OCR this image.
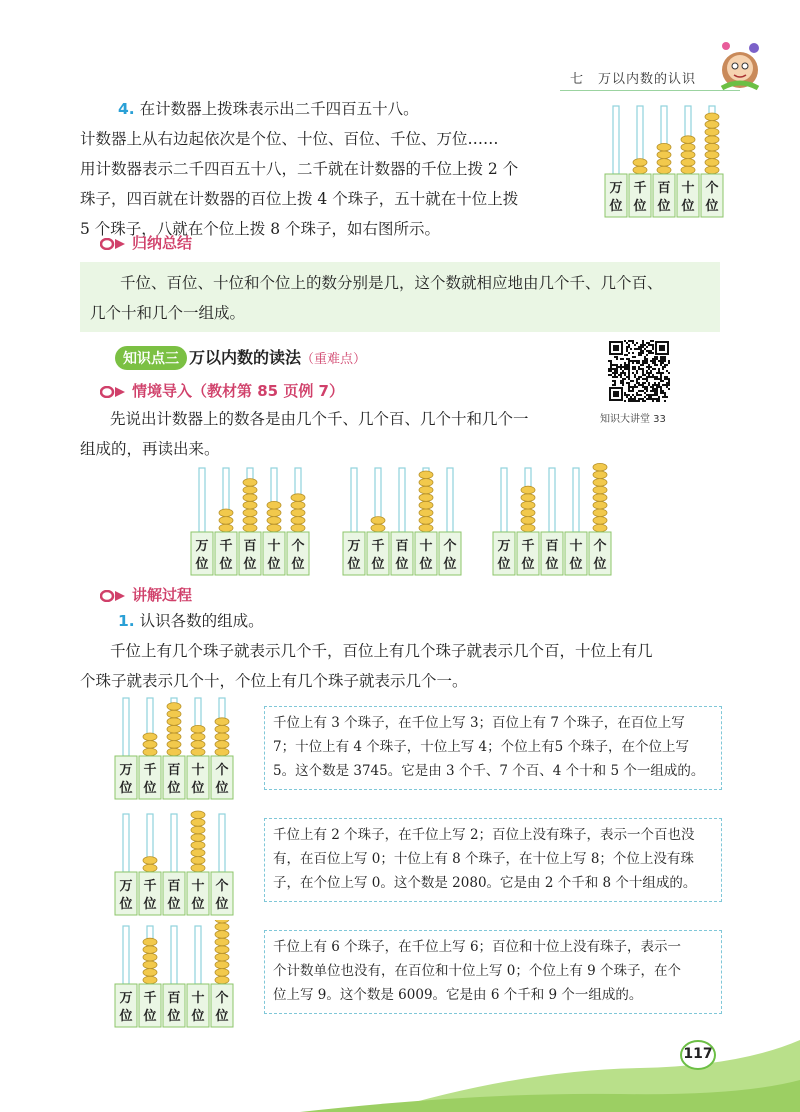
七　万以内数的认识
4. 在计数器上拨珠表示出二千四百五十八。
计数器上从右边起依次是个位、十位、百位、千位、万位……
用计数器表示二千四百五十八，二千就在计数器的千位上拨 2 个
珠子，四百就在计数器的百位上拨 4 个珠子，五十就在十位上拨
5 个珠子，八就在个位上拨 8 个珠子，如右图所示。
万
位
千
位
百
位
十
位
个
位
归纳总结
千位、百位、十位和个位上的数分别是几，这个数就相应地由几个千、几个百、
几个十和几个一组成。
知识点三 万以内数的读法（重难点）
知识大讲堂 33
情境导入（教材第 85 页例 7）
先说出计数器上的数各是由几个千、几个百、几个十和几个一
组成的，再读出来。
万
位
千
位
百
位
十
位
个
位
万
位
千
位
百
位
十
位
个
位
万
位
千
位
百
位
十
位
个
位
讲解过程
1. 认识各数的组成。
千位上有几个珠子就表示几个千，百位上有几个珠子就表示几个百，十位上有几
个珠子就表示几个十，个位上有几个珠子就表示几个一。
万
位
千
位
百
位
十
位
个
位
千位上有 3 个珠子，在千位上写 3；百位上有 7 个珠子，在百位上写
7；十位上有 4 个珠子，十位上写 4；个位上有5 个珠子，在个位上写
5。这个数是 3745。它是由 3 个千、7 个百、4 个十和 5 个一组成的。
万
位
千
位
百
位
十
位
个
位
千位上有 2 个珠子，在千位上写 2；百位上没有珠子，表示一个百也没
有，在百位上写 0；十位上有 8 个珠子，在十位上写 8；个位上没有珠
子，在个位上写 0。这个数是 2080。它是由 2 个千和 8 个十组成的。
万
位
千
位
百
位
十
位
个
位
千位上有 6 个珠子，在千位上写 6；百位和十位上没有珠子，表示一
个计数单位也没有，在百位和十位上写 0；个位上有 9 个珠子，在个
位上写 9。这个数是 6009。它是由 6 个千和 9 个一组成的。
117
